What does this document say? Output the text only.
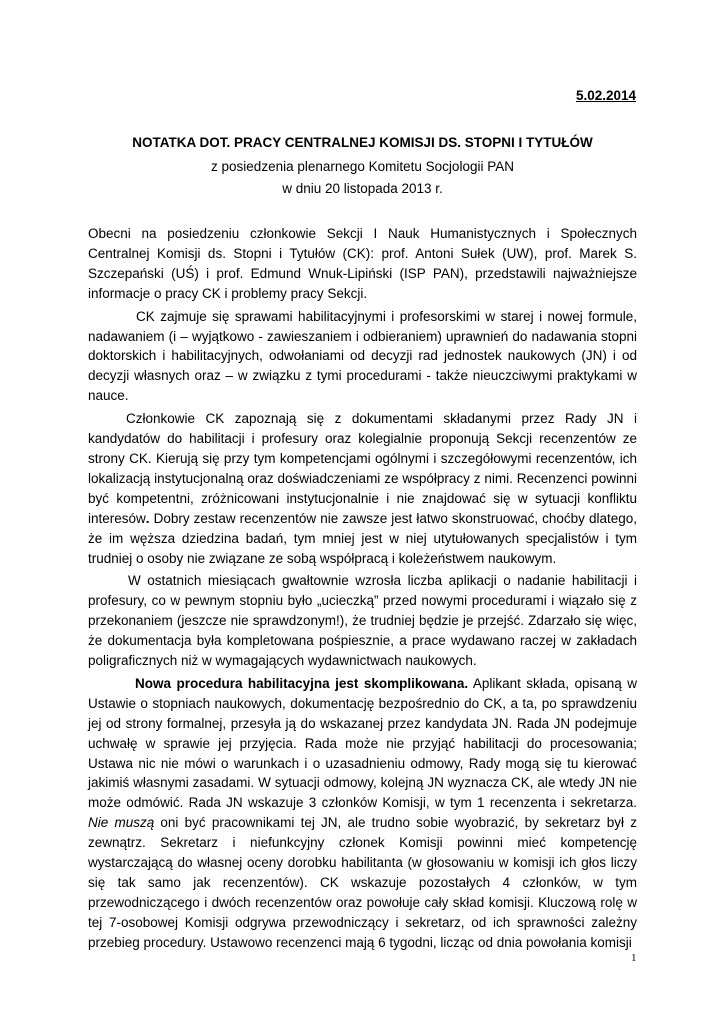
5.02.2014
NOTATKA DOT. PRACY CENTRALNEJ KOMISJI DS. STOPNI I TYTUŁÓW
z posiedzenia plenarnego Komitetu Socjologii PAN
w dniu 20 listopada 2013 r.

Obecni na posiedzeniu członkowie Sekcji I Nauk Humanistycznych i Społecznych Centralnej Komisji ds. Stopni i Tytułów (CK): prof. Antoni Sułek (UW), prof. Marek S. Szczepański (UŚ) i prof. Edmund Wnuk-Lipiński (ISP PAN), przedstawili najważniejsze informacje o pracy CK i problemy pracy Sekcji.

CK zajmuje się sprawami habilitacyjnymi i profesorskimi w starej i nowej formule, nadawaniem (i – wyjątkowo - zawieszaniem i odbieraniem) uprawnień do nadawania stopni doktorskich i habilitacyjnych, odwołaniami od decyzji rad jednostek naukowych (JN) i od decyzji własnych oraz – w związku z tymi procedurami - także nieuczciwymi praktykami w nauce.

Członkowie CK zapoznają się z dokumentami składanymi przez Rady JN i kandydatów do habilitacji i profesury oraz kolegialnie proponują Sekcji recenzentów ze strony CK. Kierują się przy tym kompetencjami ogólnymi i szczegółowymi recenzentów, ich lokalizacją instytucjonalną oraz doświadczeniami ze współpracy z nimi. Recenzenci powinni być kompetentni, zróżnicowani instytucjonalnie i nie znajdować się w sytuacji konfliktu interesów. Dobry zestaw recenzentów nie zawsze jest łatwo skonstruować, choćby dlatego, że im węższa dziedzina badań, tym mniej jest w niej utytułowanych specjalistów i tym trudniej o osoby nie związane ze sobą współpracą i koleżeństwem naukowym.

W ostatnich miesiącach gwałtownie wzrosła liczba aplikacji o nadanie habilitacji i profesury, co w pewnym stopniu było „ucieczką” przed nowymi procedurami i wiązało się z przekonaniem (jeszcze nie sprawdzonym!), że trudniej będzie je przejść. Zdarzało się więc, że dokumentacja była kompletowana pośpiesznie, a prace wydawano raczej w zakładach poligraficznych niż w wymagających wydawnictwach naukowych.

Nowa procedura habilitacyjna jest skomplikowana. Aplikant składa, opisaną w Ustawie o stopniach naukowych, dokumentację bezpośrednio do CK, a ta, po sprawdzeniu jej od strony formalnej, przesyła ją do wskazanej przez kandydata JN. Rada JN podejmuje uchwałę w sprawie jej przyjęcia. Rada może nie przyjąć habilitacji do procesowania; Ustawa nic nie mówi o warunkach i o uzasadnieniu odmowy, Rady mogą się tu kierować jakimiś własnymi zasadami. W sytuacji odmowy, kolejną JN wyznacza CK, ale wtedy JN nie może odmówić. Rada JN wskazuje 3 członków Komisji, w tym 1 recenzenta i sekretarza. Nie muszą oni być pracownikami tej JN, ale trudno sobie wyobrazić, by sekretarz był z zewnątrz. Sekretarz i niefunkcyjny członek Komisji powinni mieć kompetencję wystarczającą do własnej oceny dorobku habilitanta (w głosowaniu w komisji ich głos liczy się tak samo jak recenzentów). CK wskazuje pozostałych 4 członków, w tym przewodniczącego i dwóch recenzentów oraz powołuje cały skład komisji. Kluczową rolę w tej 7-osobowej Komisji odgrywa przewodniczący i sekretarz, od ich sprawności zależny przebieg procedury. Ustawowo recenzenci mają 6 tygodni, licząc od dnia powołania komisji

1
